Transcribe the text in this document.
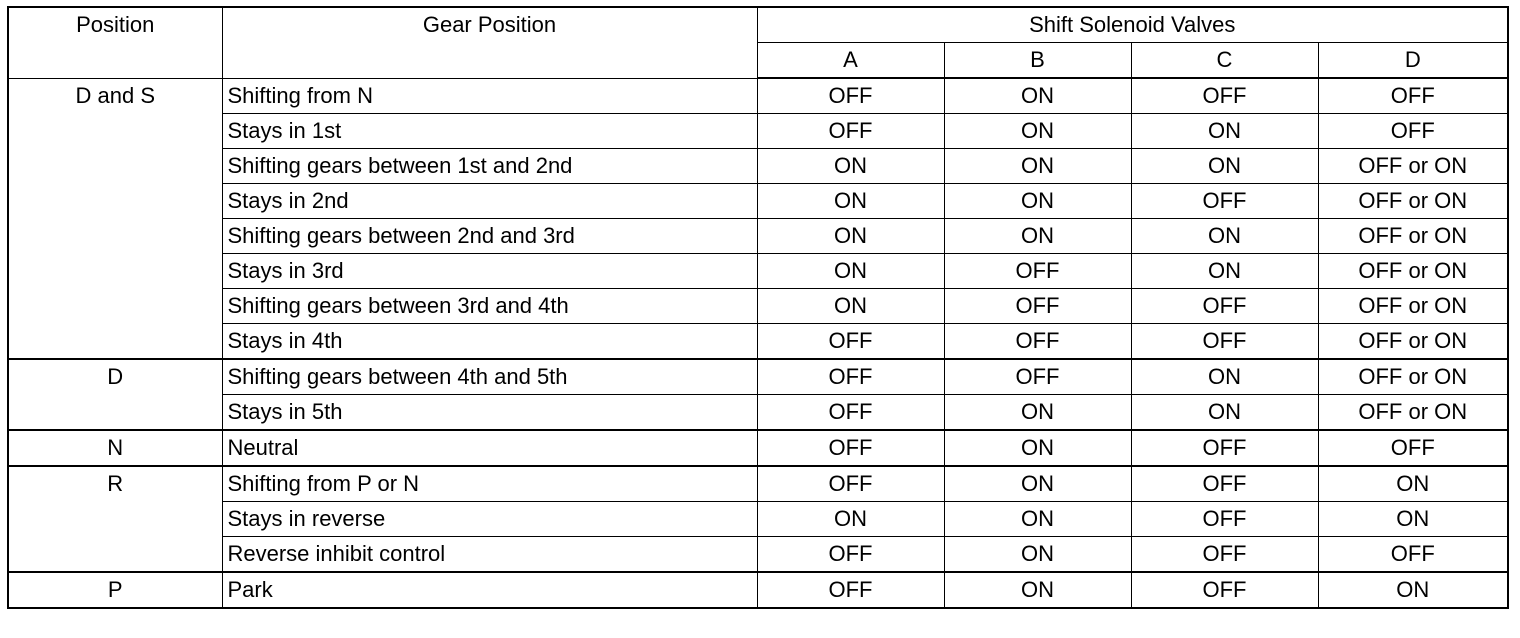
Position	Gear Position	Shift Solenoid Valves			
		A	B	C	D
D and S	Shifting from N	OFF	ON	OFF	OFF
	Stays in 1st	OFF	ON	ON	OFF
	Shifting gears between 1st and 2nd	ON	ON	ON	OFF or ON
	Stays in 2nd	ON	ON	OFF	OFF or ON
	Shifting gears between 2nd and 3rd	ON	ON	ON	OFF or ON
	Stays in 3rd	ON	OFF	ON	OFF or ON
	Shifting gears between 3rd and 4th	ON	OFF	OFF	OFF or ON
	Stays in 4th	OFF	OFF	OFF	OFF or ON
D	Shifting gears between 4th and 5th	OFF	OFF	ON	OFF or ON
	Stays in 5th	OFF	ON	ON	OFF or ON
N	Neutral	OFF	ON	OFF	OFF
R	Shifting from P or N	OFF	ON	OFF	ON
	Stays in reverse	ON	ON	OFF	ON
	Reverse inhibit control	OFF	ON	OFF	OFF
P	Park	OFF	ON	OFF	ON
